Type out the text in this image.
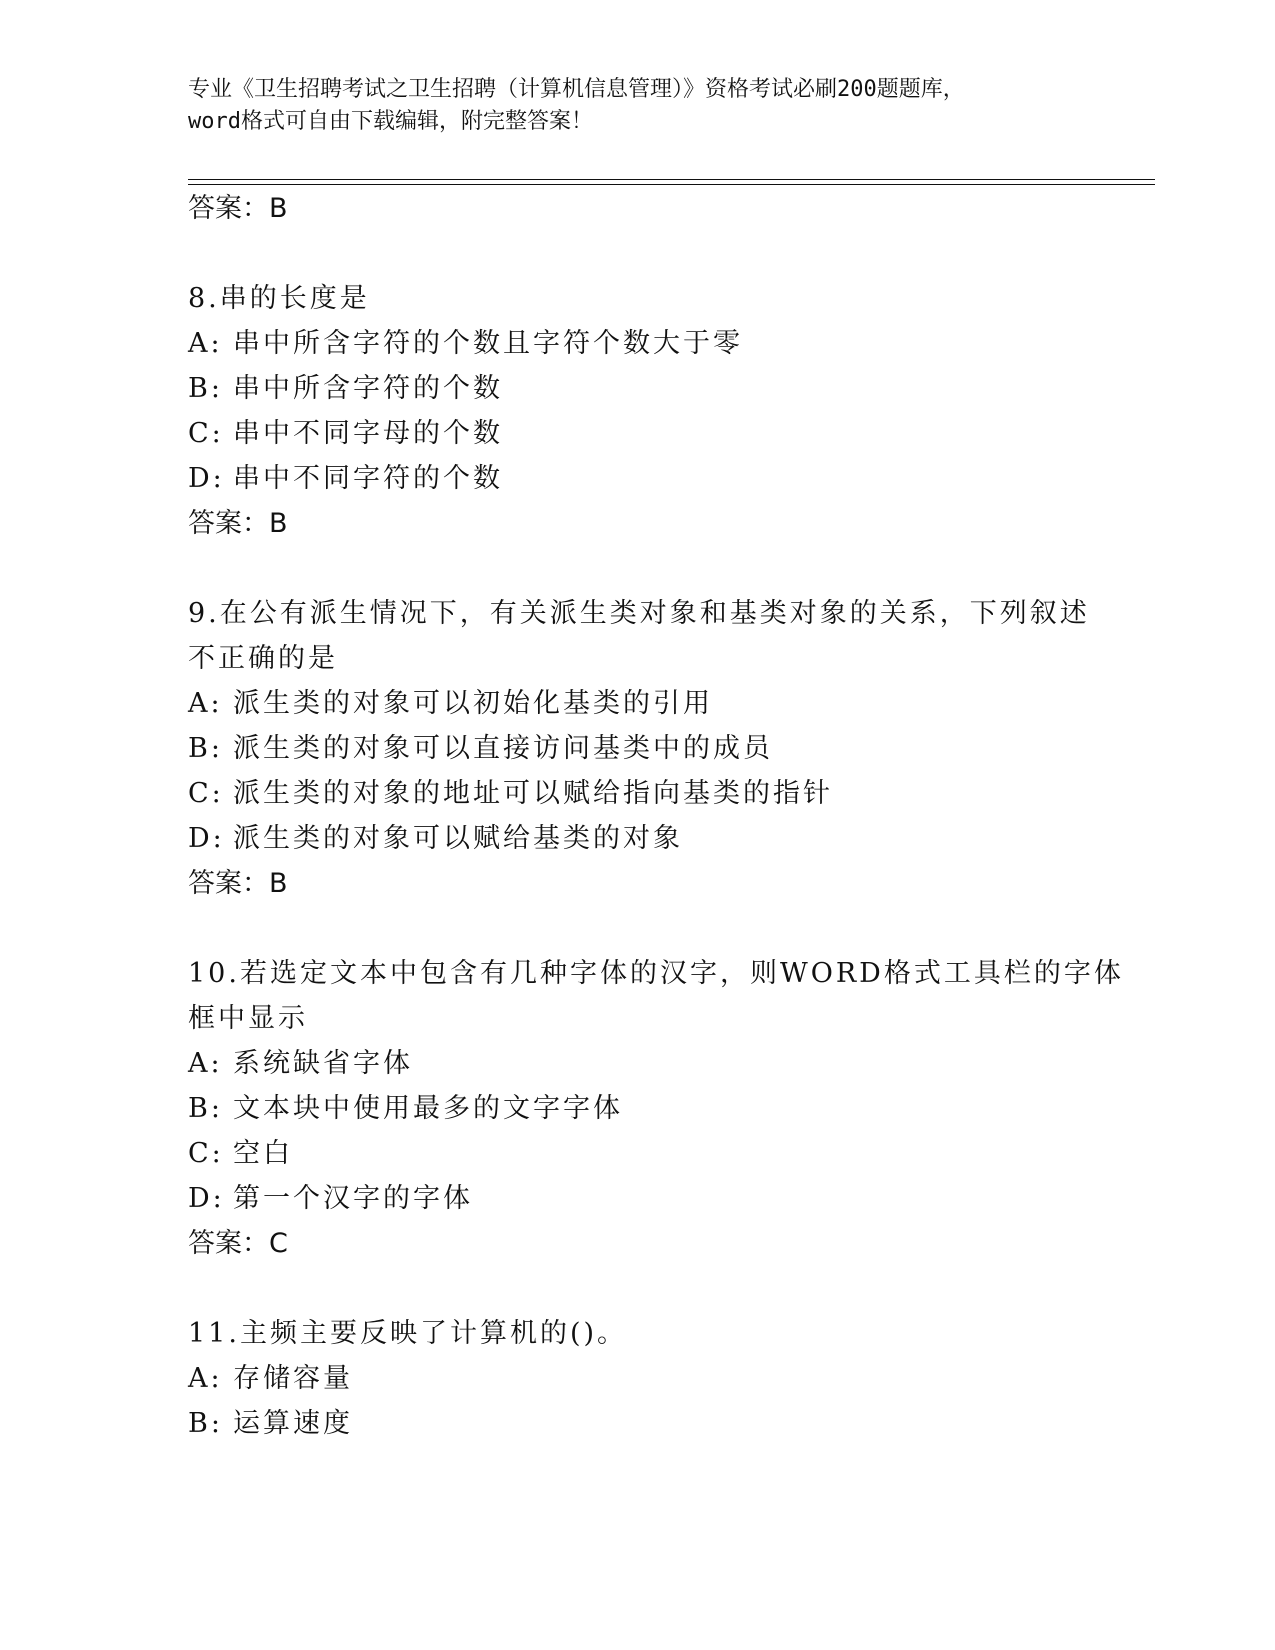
专业《卫生招聘考试之卫生招聘（计算机信息管理）》资格考试必刷200题题库，
word格式可自由下载编辑，附完整答案！
答案：B
8.串的长度是
A: 串中所含字符的个数且字符个数大于零
B: 串中所含字符的个数
C: 串中不同字母的个数
D: 串中不同字符的个数
答案：B
9.在公有派生情况下，有关派生类对象和基类对象的关系，下列叙述
不正确的是
A: 派生类的对象可以初始化基类的引用
B: 派生类的对象可以直接访问基类中的成员
C: 派生类的对象的地址可以赋给指向基类的指针
D: 派生类的对象可以赋给基类的对象
答案：B
10.若选定文本中包含有几种字体的汉字，则WORD格式工具栏的字体
框中显示
A: 系统缺省字体
B: 文本块中使用最多的文字字体
C: 空白
D: 第一个汉字的字体
答案：C
11.主频主要反映了计算机的()。
A: 存储容量
B: 运算速度
